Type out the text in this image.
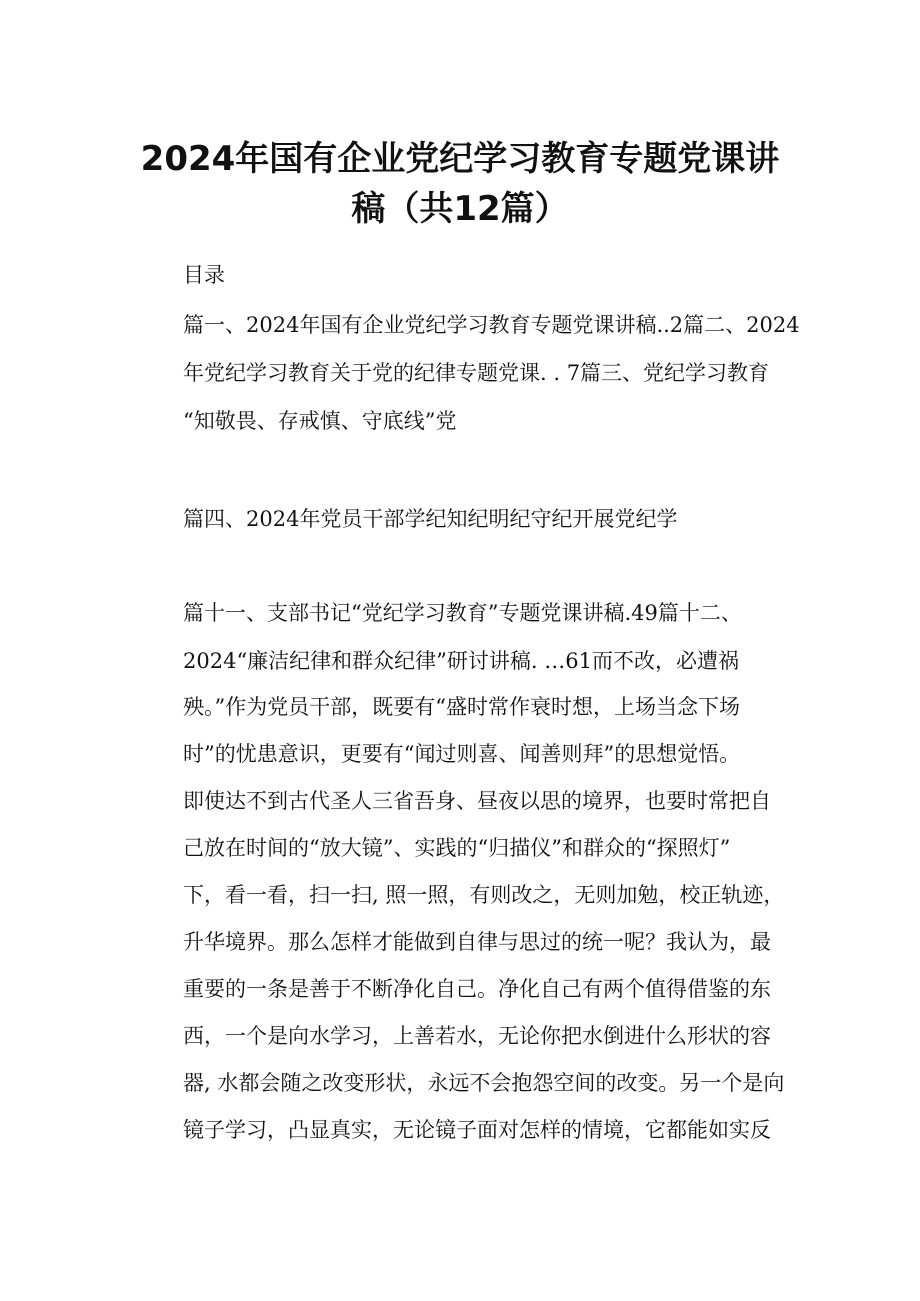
2024年国有企业党纪学习教育专题党课讲
稿（共12篇）
目录
篇一、2024年国有企业党纪学习教育专题党课讲稿..2篇二、2024
年党纪学习教育关于党的纪律专题党课. . 7篇三、党纪学习教育
“知敬畏、存戒慎、守底线”党
篇四、2024年党员干部学纪知纪明纪守纪开展党纪学
篇十一、支部书记“党纪学习教育”专题党课讲稿.49篇十二、
2024“廉洁纪律和群众纪律”研讨讲稿. …61而不改，必遭祸
殃。”作为党员干部，既要有“盛时常作衰时想，上场当念下场
时”的忧患意识，更要有“闻过则喜、闻善则拜”的思想觉悟。
即使达不到古代圣人三省吾身、昼夜以思的境界，也要时常把自
己放在时间的“放大镜”、实践的“归描仪”和群众的“探照灯”
下，看一看，扫一扫, 照一照，有则改之，无则加勉，校正轨迹，
升华境界。那么怎样才能做到自律与思过的统一呢？我认为，最
重要的一条是善于不断净化自己。净化自己有两个值得借鉴的东
西，一个是向水学习，上善若水，无论你把水倒进什么形状的容
器, 水都会随之改变形状，永远不会抱怨空间的改变。另一个是向
镜子学习，凸显真实，无论镜子面对怎样的情境，它都能如实反
